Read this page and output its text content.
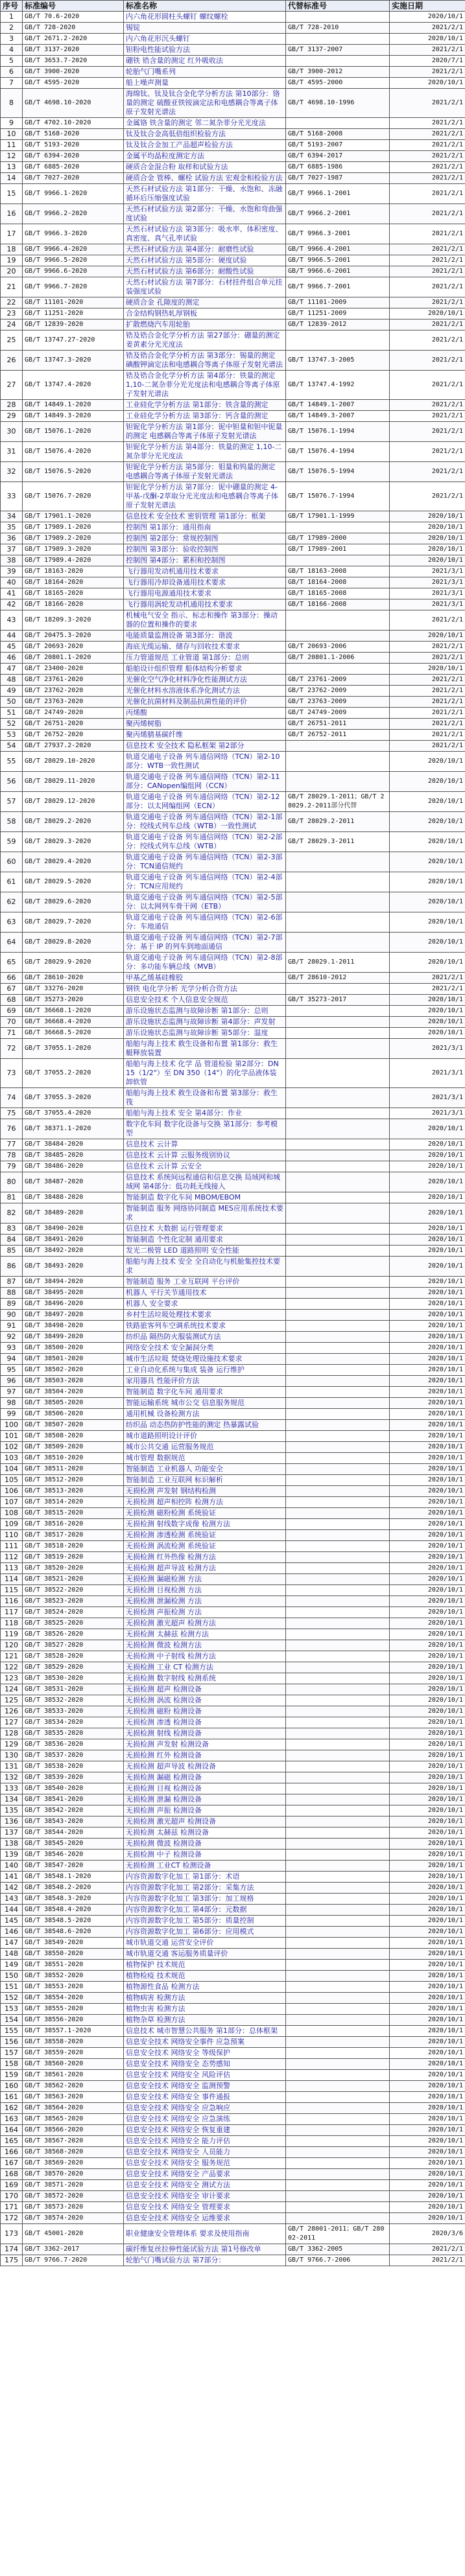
序号	标准编号	标准名称	代替标准号	实施日期
1	GB/T 70.6-2020	内六角花形圆柱头螺钉 螺纹螺栓		2020/10/1
2	GB/T 728-2020	锡锭	GB/T 728-2010	2021/2/1
3	GB/T 2671.2-2020	内六角花形沉头螺钉		2020/10/1
4	GB/T 3137-2020	钽粉电性能试验方法	GB/T 3137-2007	2021/2/1
5	GB/T 3653.7-2020	硼铁 锆含量的测定 红外吸收法		2020/7/1
6	GB/T 3900-2020	轮胎气门嘴系列	GB/T 3900-2012	2021/2/1
7	GB/T 4595-2020	船上噪声测量	GB/T 4595-2000	2020/10/1
8	GB/T 4698.10-2020	海绵钛、钛及钛合金化学分析方法 第10部分：铬量的测定 硫酸亚铁铵滴定法和电感耦合等离子体原子发射光谱法	GB/T 4698.10-1996	2021/2/1
9	GB/T 4702.10-2020	金属铬 铁含量的测定 邻二氮杂菲分光光度法		2021/2/1
10	GB/T 5168-2020	钛及钛合金高低倍组织检验方法	GB/T 5168-2008	2021/2/1
11	GB/T 5193-2020	钛及钛合金加工产品超声检验方法	GB/T 5193-2007	2021/2/1
12	GB/T 6394-2020	金属平均晶粒度测定方法	GB/T 6394-2017	2021/2/1
13	GB/T 6885-2020	硬质合金混合粉 取样和试验方法	GB/T 6885-1986	2021/2/1
14	GB/T 7027-2020	硬质合金 管棒、螺栓 试验方法 宏观金相检验方法	GB/T 7027-1987	2021/2/1
15	GB/T 9966.1-2020	天然石材试验方法 第1部分：干燥、水饱和、冻融循环后压缩强度试验	GB/T 9966.1-2001	2021/2/1
16	GB/T 9966.2-2020	天然石材试验方法 第2部分：干燥、水饱和弯曲强度试验	GB/T 9966.2-2001	2021/2/1
17	GB/T 9966.3-2020	天然石材试验方法 第3部分：吸水率、体积密度、真密度、真气孔率试验	GB/T 9966.3-2001	2021/2/1
18	GB/T 9966.4-2020	天然石材试验方法 第4部分：耐磨性试验	GB/T 9966.4-2001	2021/2/1
19	GB/T 9966.5-2020	天然石材试验方法 第5部分：硬度试验	GB/T 9966.5-2001	2021/2/1
20	GB/T 9966.6-2020	天然石材试验方法 第6部分：耐酸性试验	GB/T 9966.6-2001	2021/2/1
21	GB/T 9966.7-2020	天然石材试验方法 第7部分：石材挂件组合单元挂装强度试验	GB/T 9966.7-2001	2021/2/1
22	GB/T 11101-2020	硬质合金 孔隙度的测定	GB/T 11101-2009	2021/2/1
23	GB/T 11251-2020	合金结构钢热轧厚钢板	GB/T 11251-2009	2020/10/1
24	GB/T 12839-2020	扩散燃烧汽车用轮胎	GB/T 12839-2012	2021/2/1
25	GB/T 13747.27-2020	锆及锆合金化学分析方法 第27部分：硼量的测定 姜黄素分光光度法		2021/2/1
26	GB/T 13747.3-2020	锆及锆合金化学分析方法 第3部分：锡量的测定 碘酸钾滴定法和电感耦合等离子体原子发射光谱法	GB/T 13747.3-2005	2021/2/1
27	GB/T 13747.4-2020	锆及锆合金化学分析方法 第4部分：铁量的测定 1,10-二氮杂菲分光光度法和电感耦合等离子体原子发射光谱法	GB/T 13747.4-1992	2021/2/1
28	GB/T 14849.1-2020	工业硅化学分析方法 第1部分：铁含量的测定	GB/T 14849.1-2007	2021/2/1
29	GB/T 14849.3-2020	工业硅化学分析方法 第3部分：钙含量的测定	GB/T 14849.3-2007	2021/2/1
30	GB/T 15076.1-2020	钽铌化学分析方法 第1部分：铌中钽量和钽中铌量的测定 电感耦合等离子体原子发射光谱法	GB/T 15076.1-1994	2021/2/1
31	GB/T 15076.4-2020	钽铌化学分析方法 第4部分：铁量的测定 1,10-二氮杂菲分光光度法	GB/T 15076.4-1994	2021/2/1
32	GB/T 15076.5-2020	钽铌化学分析方法 第5部分：钼量和钨量的测定 电感耦合等离子体原子发射光谱法	GB/T 15076.5-1994	2021/2/1
33	GB/T 15076.7-2020	钽铌化学分析方法 第7部分：铌中硼量的测定 4-甲基-戊酮-2萃取分光光度法和电感耦合等离子体原子发射光谱法	GB/T 15076.7-1994	2021/2/1
34	GB/T 17901.1-2020	信息技术 安全技术 密钥管理 第1部分：框架	GB/T 17901.1-1999	2020/10/1
35	GB/T 17989.1-2020	控制图 第1部分：通用指南		2020/10/1
36	GB/T 17989.2-2020	控制图 第2部分：常规控制图	GB/T 17989-2000	2020/10/1
37	GB/T 17989.3-2020	控制图 第3部分：验收控制图	GB/T 17989-2001	2020/10/1
38	GB/T 17989.4-2020	控制图 第4部分：累积和控制图		2020/10/1
39	GB/T 18163-2020	飞行器用发动机通用技术要求	GB/T 18163-2008	2021/3/1
40	GB/T 18164-2020	飞行器用冷却设备通用技术要求	GB/T 18164-2008	2021/3/1
41	GB/T 18165-2020	飞行器用电源通用技术要求	GB/T 18165-2008	2021/3/1
42	GB/T 18166-2020	飞行器用涡轮发动机通用技术要求	GB/T 18166-2008	2021/3/1
43	GB/T 18209.3-2020	机械电气安全 指示、标志和操作 第3部分：操动器的位置和操作的要求		2021/2/1
44	GB/T 20475.3-2020	电能质量监测设备 第3部分：谐波		2020/10/1
45	GB/T 20693-2020	海底光缆运输、储存与回收技术要求	GB/T 20693-2006	2021/2/1
46	GB/T 20801.1-2020	压力管道规范 工业管道 第1部分：总则	GB/T 20801.1-2006	2021/2/1
47	GB/T 23400-2020	船舶设计组织管理 船体结构分析要求		2020/10/1
48	GB/T 23761-2020	光催化空气净化材料净化性能测试方法	GB/T 23761-2009	2021/2/1
49	GB/T 23762-2020	光催化材料水溶液体系净化测试方法	GB/T 23762-2009	2021/2/1
50	GB/T 23763-2020	光催化抗菌材料及制品抗菌性能的评价	GB/T 23763-2009	2021/2/1
51	GB/T 24749-2020	丙烯酸	GB/T 24749-2009	2021/2/1
52	GB/T 26751-2020	聚丙烯树脂	GB/T 26751-2011	2021/2/1
53	GB/T 26752-2020	聚丙烯腈基碳纤维	GB/T 26752-2011	2021/2/1
54	GB/T 27937.2-2020	信息技术 安全技术 隐私框架 第2部分		2021/2/1
55	GB/T 28029.10-2020	轨道交通电子设备 列车通信网络（TCN）第2-10部分：WTB一致性测试		2020/10/1
56	GB/T 28029.11-2020	轨道交通电子设备 列车通信网络（TCN）第2-11部分：CANopen编组网（CCN）		2020/10/1
57	GB/T 28029.12-2020	轨道交通电子设备 列车通信网络（TCN）第2-12部分：以太网编组网（ECN）	GB/T 28029.1-2011；GB/T 28029.2-2011部分代替	2020/10/1
58	GB/T 28029.2-2020	轨道交通电子设备 列车通信网络（TCN）第2-1部分：绞线式列车总线（WTB）一致性测试	GB/T 28029.2-2011	2020/10/1
59	GB/T 28029.3-2020	轨道交通电子设备 列车通信网络（TCN）第2-2部分：绞线式列车总线（WTB）	GB/T 28029.3-2011	2020/10/1
60	GB/T 28029.4-2020	轨道交通电子设备 列车通信网络（TCN）第2-3部分：TCN通信规约		2020/10/1
61	GB/T 28029.5-2020	轨道交通电子设备 列车通信网络（TCN）第2-4部分：TCN应用规约		2020/10/1
62	GB/T 28029.6-2020	轨道交通电子设备 列车通信网络（TCN）第2-5部分：以太网列车骨干网（ETB）		2020/10/1
63	GB/T 28029.7-2020	轨道交通电子设备 列车通信网络（TCN）第2-6部分：车地通信		2020/10/1
64	GB/T 28029.8-2020	轨道交通电子设备 列车通信网络（TCN）第2-7部分：基于 IP 的列车到地面通信		2020/10/1
65	GB/T 28029.9-2020	轨道交通电子设备 列车通信网络（TCN）第2-8部分：多功能车辆总线（MVB）	GB/T 28029.1-2011	2020/10/1
66	GB/T 28610-2020	甲基乙烯基硅橡胶	GB/T 28610-2012	2021/2/1
67	GB/T 33276-2020	钢铁 电化学分析 光学分析合资方法		2021/2/1
68	GB/T 35273-2020	信息安全技术 个人信息安全规范	GB/T 35273-2017	2020/10/1
69	GB/T 36668.1-2020	游乐设施状态监测与故障诊断 第1部分：总则		2020/10/1
70	GB/T 36668.4-2020	游乐设施状态监测与故障诊断 第4部分：声发射		2020/10/1
71	GB/T 36668.5-2020	游乐设施状态监测与故障诊断 第5部分：温度		2020/10/1
72	GB/T 37055.1-2020	船舶与海上技术 救生设备和布置 第1部分：救生艇释放装置		2021/3/1
73	GB/T 37055.2-2020	船舶与海上技术 化学 品 管道检验 第2部分：DN 15（1/2"）至 DN 350（14"）的化学品液体装卸软管		2021/3/1
74	GB/T 37055.3-2020	船舶与海上技术 救生设备和布置 第3部分：救生筏		2021/3/1
75	GB/T 37055.4-2020	船舶与海上技术 安全 第4部分：作业		2021/3/1
76	GB/T 38371.1-2020	数字化车间 数字化设备与交换 第1部分：参考模型		2020/10/1
77	GB/T 38484-2020	信息技术 云计算		2020/10/1
78	GB/T 38485-2020	信息技术 云计算 云服务级别协议		2020/10/1
79	GB/T 38486-2020	信息技术 云计算 云安全		2020/10/1
80	GB/T 38487-2020	信息技术 系统间远程通信和信息交换 局域网和城域网 第4部分：低功耗无线接入		2020/10/1
81	GB/T 38488-2020	智能制造 数字化车间 MBOM/EBOM		2020/10/1
82	GB/T 38489-2020	智能制造 服务 网络协同制造 MES应用系统技术要求		2020/10/1
83	GB/T 38490-2020	信息技术 大数据 运行管理要求		2020/10/1
84	GB/T 38491-2020	智能制造 个性化定制 通用要求		2020/10/1
85	GB/T 38492-2020	发光二极管 LED 道路照明 安全性能		2020/10/1
86	GB/T 38493-2020	船舶与海上技术 安全 全自动化与机舱集控技术要求		2020/10/1
87	GB/T 38494-2020	智能制造 服务 工业互联网 平台评价		2020/10/1
88	GB/T 38495-2020	机器人 平行关节通用技术		2020/10/1
89	GB/T 38496-2020	机器人 安全要求		2020/10/1
90	GB/T 38497-2020	乡村生活垃圾处理技术要求		2020/10/1
91	GB/T 38498-2020	铁路旅客列车空调系统技术要求		2020/10/1
92	GB/T 38499-2020	纺织品 隔热防火服装测试方法		2020/10/1
93	GB/T 38500-2020	网络安全技术 安全漏洞分类		2020/10/1
94	GB/T 38501-2020	城市生活垃圾 焚烧处理设施技术要求		2020/10/1
95	GB/T 38502-2020	工业自动化系统与集成 装备 运行维护		2020/10/1
96	GB/T 38503-2020	家用器具 性能评价方法		2020/10/1
97	GB/T 38504-2020	智能制造 数字化车间 通用要求		2020/10/1
98	GB/T 38505-2020	智能运输系统 城市公交 信息服务规范		2020/10/1
99	GB/T 38506-2020	通用机械 设备检测方法		2020/10/1
100	GB/T 38507-2020	纺织品 动态热防护性能的测定 热暴露试验		2020/10/1
101	GB/T 38508-2020	城市道路照明设计评价		2020/10/1
102	GB/T 38509-2020	城市公共交通 运营服务规范		2020/10/1
103	GB/T 38510-2020	城市管理 数据规范		2020/10/1
104	GB/T 38511-2020	智能制造 工业机器人 功能安全		2020/10/1
105	GB/T 38512-2020	智能制造 工业互联网 标识解析		2020/10/1
106	GB/T 38513-2020	无损检测 声发射 钢结构检测		2020/10/1
107	GB/T 38514-2020	无损检测 超声相控阵 检测方法		2020/10/1
108	GB/T 38515-2020	无损检测 磁粉检测 系统验证		2020/10/1
109	GB/T 38516-2020	无损检测 射线数字成像 检测方法		2020/10/1
110	GB/T 38517-2020	无损检测 渗透检测 系统验证		2020/10/1
111	GB/T 38518-2020	无损检测 涡流检测 系统验证		2020/10/1
112	GB/T 38519-2020	无损检测 红外热像 检测方法		2020/10/1
113	GB/T 38520-2020	无损检测 超声导波 检测方法		2020/10/1
114	GB/T 38521-2020	无损检测 漏磁检测 方法		2020/10/1
115	GB/T 38522-2020	无损检测 目视检测 方法		2020/10/1
116	GB/T 38523-2020	无损检测 泄漏检测 方法		2020/10/1
117	GB/T 38524-2020	无损检测 声振检测 方法		2020/10/1
118	GB/T 38525-2020	无损检测 激光超声 检测方法		2020/10/1
119	GB/T 38526-2020	无损检测 太赫兹 检测方法		2020/10/1
120	GB/T 38527-2020	无损检测 微波 检测方法		2020/10/1
121	GB/T 38528-2020	无损检测 中子射线 检测方法		2020/10/1
122	GB/T 38529-2020	无损检测 工业 CT 检测方法		2020/10/1
123	GB/T 38530-2020	无损检测 数字射线 检测系统		2020/10/1
124	GB/T 38531-2020	无损检测 超声 检测设备		2020/10/1
125	GB/T 38532-2020	无损检测 涡流 检测设备		2020/10/1
126	GB/T 38533-2020	无损检测 磁粉 检测设备		2020/10/1
127	GB/T 38534-2020	无损检测 渗透 检测设备		2020/10/1
128	GB/T 38535-2020	无损检测 射线 检测设备		2020/10/1
129	GB/T 38536-2020	无损检测 声发射 检测设备		2020/10/1
130	GB/T 38537-2020	无损检测 红外 检测设备		2020/10/1
131	GB/T 38538-2020	无损检测 超声导波 检测设备		2020/10/1
132	GB/T 38539-2020	无损检测 漏磁 检测设备		2020/10/1
133	GB/T 38540-2020	无损检测 目视 检测设备		2020/10/1
134	GB/T 38541-2020	无损检测 泄漏 检测设备		2020/10/1
135	GB/T 38542-2020	无损检测 声振 检测设备		2020/10/1
136	GB/T 38543-2020	无损检测 激光超声 检测设备		2020/10/1
137	GB/T 38544-2020	无损检测 太赫兹 检测设备		2020/10/1
138	GB/T 38545-2020	无损检测 微波 检测设备		2020/10/1
139	GB/T 38546-2020	无损检测 中子 检测设备		2020/10/1
140	GB/T 38547-2020	无损检测 工业CT 检测设备		2020/10/1
141	GB/T 38548.1-2020	内容资源数字化加工 第1部分：术语		2020/10/1
142	GB/T 38548.2-2020	内容资源数字化加工 第2部分：采集方法		2020/10/1
143	GB/T 38548.3-2020	内容资源数字化加工 第3部分：加工规格		2020/10/1
144	GB/T 38548.4-2020	内容资源数字化加工 第4部分：元数据		2020/10/1
145	GB/T 38548.5-2020	内容资源数字化加工 第5部分：质量控制		2020/10/1
146	GB/T 38548.6-2020	内容资源数字化加工 第6部分：应用模式		2020/10/1
147	GB/T 38549-2020	城市轨道交通 运营安全评价		2020/10/1
148	GB/T 38550-2020	城市轨道交通 客运服务质量评价		2020/10/1
149	GB/T 38551-2020	植物保护 技术规范		2020/10/1
150	GB/T 38552-2020	植物检疫 技术规范		2020/10/1
151	GB/T 38553-2020	植物源性食品 检测方法		2020/10/1
152	GB/T 38554-2020	植物病害 检测方法		2020/10/1
153	GB/T 38555-2020	植物虫害 检测方法		2020/10/1
154	GB/T 38556-2020	植物杂草 检测方法		2020/10/1
155	GB/T 38557.1-2020	信息技术 城市智慧公共服务 第1部分：总体框架		2020/10/1
156	GB/T 38558-2020	信息安全技术 网络安全事件 应急预案		2020/10/1
157	GB/T 38559-2020	信息安全技术 网络安全 等级保护		2020/10/1
158	GB/T 38560-2020	信息安全技术 网络安全 态势感知		2020/10/1
159	GB/T 38561-2020	信息安全技术 网络安全 风险评估		2020/10/1
160	GB/T 38562-2020	信息安全技术 网络安全 监测预警		2020/10/1
161	GB/T 38563-2020	信息安全技术 网络安全 事件通报		2020/10/1
162	GB/T 38564-2020	信息安全技术 网络安全 应急响应		2020/10/1
163	GB/T 38565-2020	信息安全技术 网络安全 应急演练		2020/10/1
164	GB/T 38566-2020	信息安全技术 网络安全 恢复重建		2020/10/1
165	GB/T 38567-2020	信息安全技术 网络安全 能力评估		2020/10/1
166	GB/T 38568-2020	信息安全技术 网络安全 人员能力		2020/10/1
167	GB/T 38569-2020	信息安全技术 网络安全 服务规范		2020/10/1
168	GB/T 38570-2020	信息安全技术 网络安全 产品要求		2020/10/1
169	GB/T 38571-2020	信息安全技术 网络安全 测试方法		2020/10/1
170	GB/T 38572-2020	信息安全技术 网络安全 审计要求		2020/10/1
171	GB/T 38573-2020	信息安全技术 网络安全 管理要求		2020/10/1
172	GB/T 38574-2020	信息安全技术 网络安全 运维要求		2020/10/1
173	GB/T 45001-2020	职业健康安全管理体系 要求及使用指南	GB/T 28001-2011；GB/T 28002-2011	2020/3/6
174	GB/T 3362-2017	碳纤维复丝拉伸性能试验方法 第1号修改单	GB/T 3362-2005	2021/2/1
175	GB/T 9766.7-2020	轮胎气门嘴试验方法 第7部分：	GB/T 9766.7-2006	2021/2/1
